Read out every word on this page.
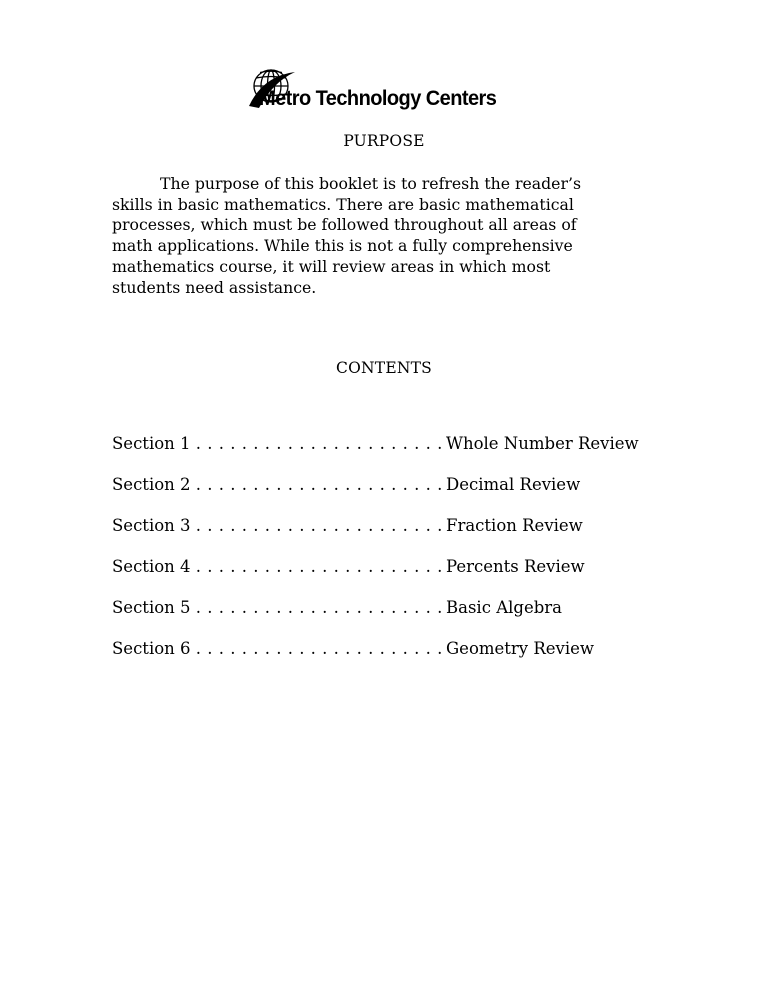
Metro Technology Centers
PURPOSE
The purpose of this booklet is to refresh the reader’s
skills in basic mathematics. There are basic mathematical
processes, which must be followed throughout all areas of
math applications. While this is not a fully comprehensive
mathematics course, it will review areas in which most
students need assistance.
CONTENTS
Section 1 . . . . . . . . . . . . . . . . . . . . . . Whole Number Review
Section 2 . . . . . . . . . . . . . . . . . . . . . . Decimal Review
Section 3 . . . . . . . . . . . . . . . . . . . . . . Fraction Review
Section 4 . . . . . . . . . . . . . . . . . . . . . . Percents Review
Section 5 . . . . . . . . . . . . . . . . . . . . . . Basic Algebra
Section 6 . . . . . . . . . . . . . . . . . . . . . . Geometry Review
